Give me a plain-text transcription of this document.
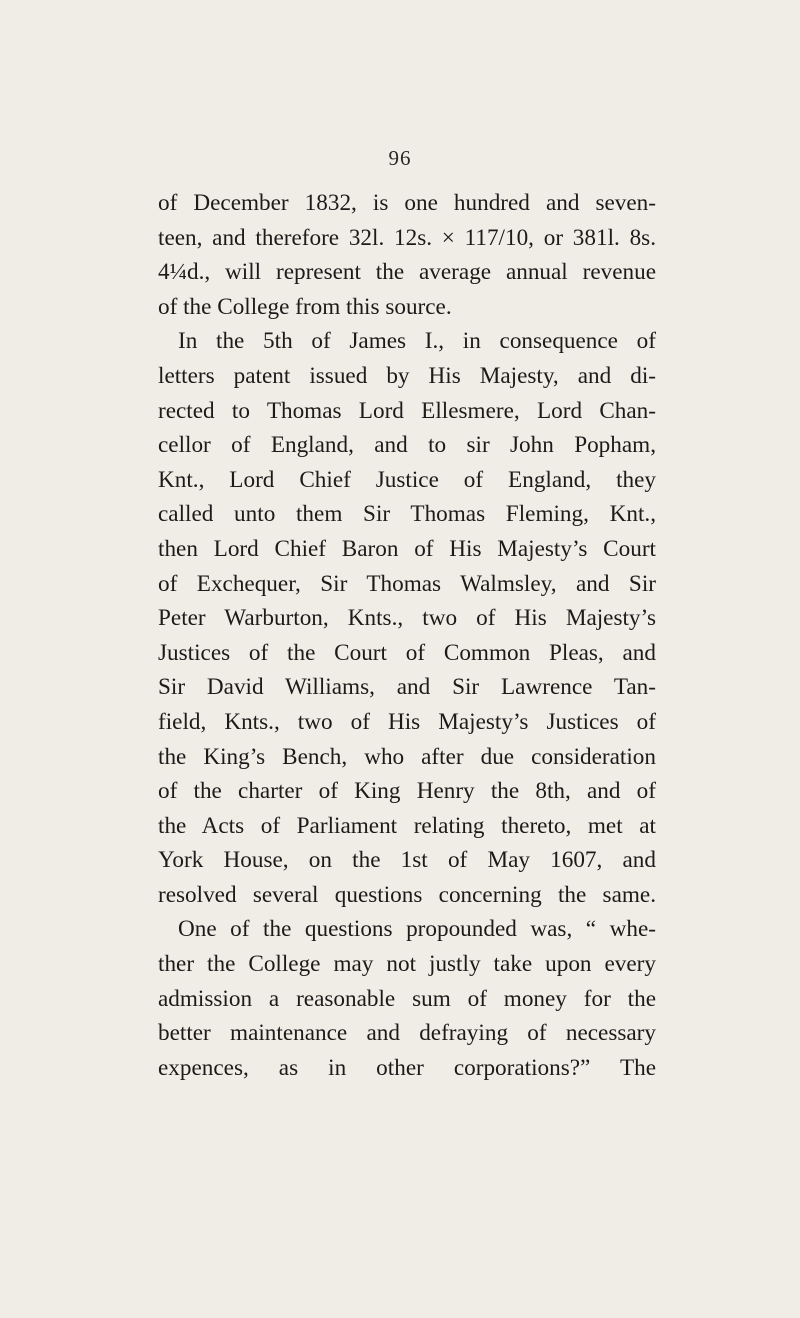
96
of December 1832, is one hundred and seven-
teen, and therefore 32l. 12s. × 117/10, or 381l. 8s.
4¼d., will represent the average annual revenue
of the College from this source.
In the 5th of James I., in consequence of
letters patent issued by His Majesty, and di-
rected to Thomas Lord Ellesmere, Lord Chan-
cellor of England, and to sir John Popham,
Knt., Lord Chief Justice of England, they
called unto them Sir Thomas Fleming, Knt.,
then Lord Chief Baron of His Majesty’s Court
of Exchequer, Sir Thomas Walmsley, and Sir
Peter Warburton, Knts., two of His Majesty’s
Justices of the Court of Common Pleas, and
Sir David Williams, and Sir Lawrence Tan-
field, Knts., two of His Majesty’s Justices of
the King’s Bench, who after due consideration
of the charter of King Henry the 8th, and of
the Acts of Parliament relating thereto, met at
York House, on the 1st of May 1607, and
resolved several questions concerning the same.
One of the questions propounded was, “ whe-
ther the College may not justly take upon every
admission a reasonable sum of money for the
better maintenance and defraying of necessary
expences, as in other corporations?” The
